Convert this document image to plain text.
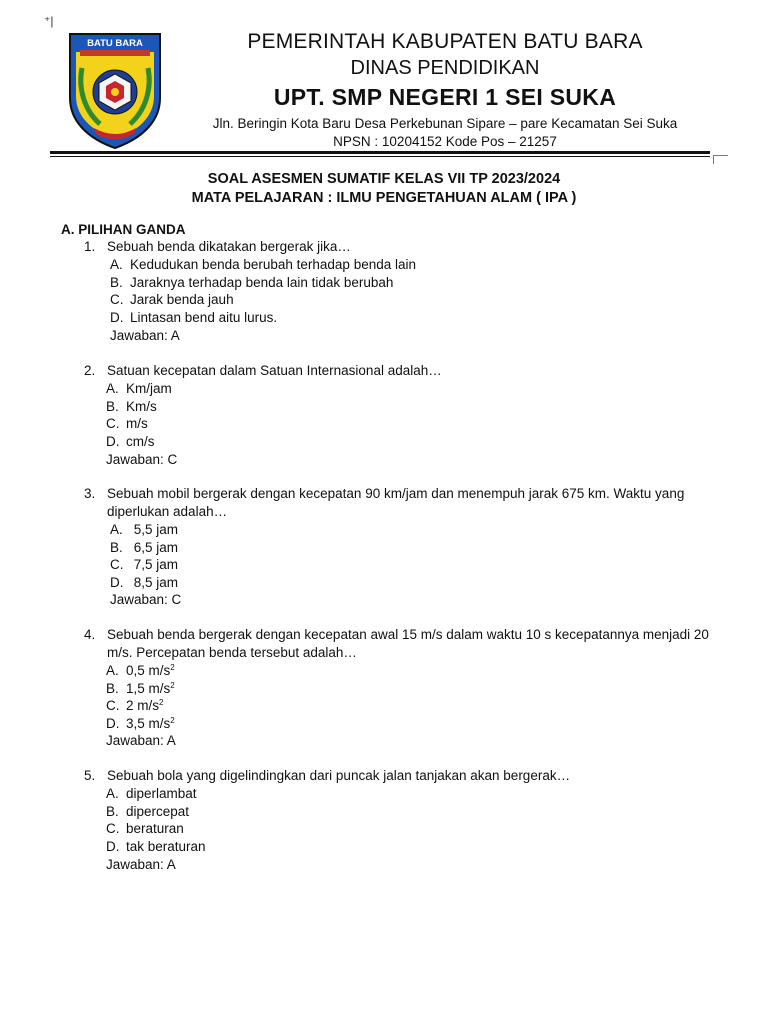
⁺|
BATU BARA	PEMERINTAH KABUPATEN BATU BARA
DINAS PENDIDIKAN
UPT. SMP NEGERI 1 SEI SUKA
Jln. Beringin Kota Baru Desa Perkebunan Sipare – pare Kecamatan Sei Suka
NPSN : 10204152 Kode Pos – 21257
SOAL ASESMEN SUMATIF KELAS VII TP 2023/2024
MATA PELAJARAN : ILMU PENGETAHUAN ALAM ( IPA )
A. PILIHAN GANDA
1. Sebuah benda dikatakan bergerak jika…
A. Kedudukan benda berubah terhadap benda lain
B. Jaraknya terhadap benda lain tidak berubah
C. Jarak benda jauh
D. Lintasan bend aitu lurus.
Jawaban: A
2. Satuan kecepatan dalam Satuan Internasional adalah…
A. Km/jam
B. Km/s
C. m/s
D. cm/s
Jawaban: C
3. Sebuah mobil bergerak dengan kecepatan 90 km/jam dan menempuh jarak 675 km. Waktu yang diperlukan adalah…
A. 5,5 jam
B. 6,5 jam
C. 7,5 jam
D. 8,5 jam
Jawaban: C
4. Sebuah benda bergerak dengan kecepatan awal 15 m/s dalam waktu 10 s kecepatannya menjadi 20 m/s. Percepatan benda tersebut adalah…
A. 0,5 $m/s^2$
B. 1,5 $m/s^2$
C. 2 $m/s^2$
D. 3,5 $m/s^2$
Jawaban: A
5. Sebuah bola yang digelindingkan dari puncak jalan tanjakan akan bergerak…
A. diperlambat
B. dipercepat
C. beraturan
D. tak beraturan
Jawaban: A
